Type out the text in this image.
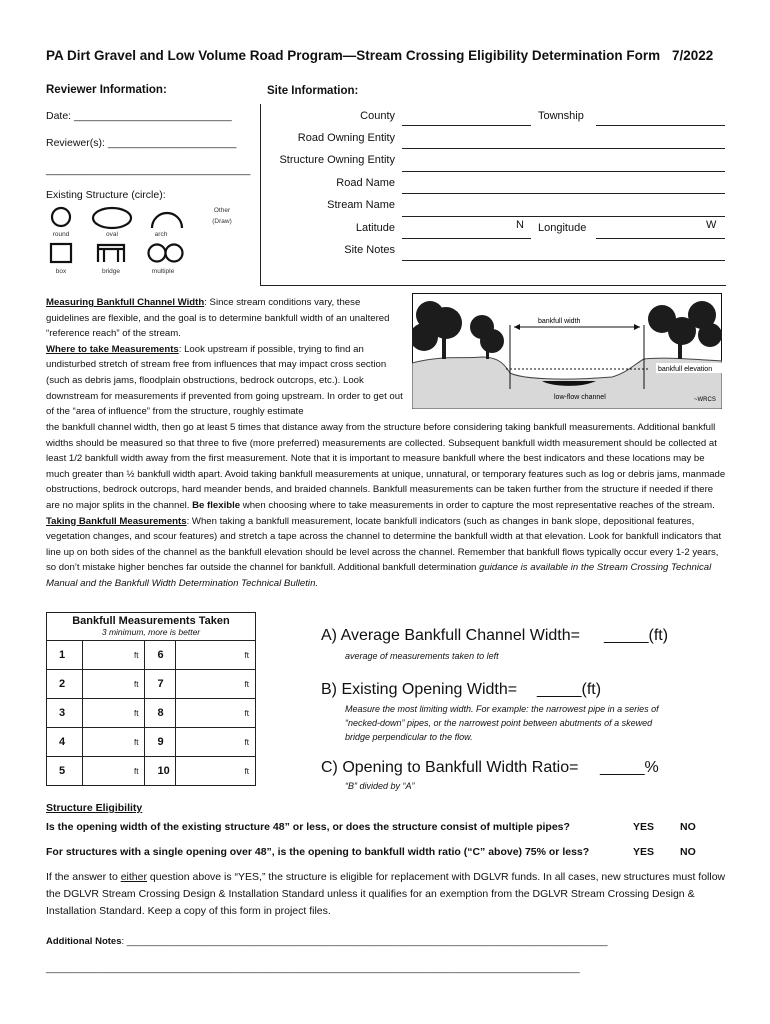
PA Dirt Gravel and Low Volume Road Program—Stream Crossing Eligibility Determination Form 7/2022
Reviewer Information:
Date: ___________________________
Reviewer(s): ______________________
___________________________________
Existing Structure (circle):
round	oval	arch
box	bridge	multiple
Other
(Draw)
Site Information:
County	Township
Road Owning Entity
Structure Owning Entity
Road Name
Stream Name
Latitude	N Longitude	W
Site Notes
bankfull width
bankfull elevation
low-flow channel	~WRCS
Measuring Bankfull Channel Width: Since stream conditions vary, these guidelines are flexible, and the goal is to determine bankfull width of an unaltered “reference reach” of the stream.
Where to take Measurements: Look upstream if possible, trying to find an undisturbed stretch of stream free from influences that may impact cross section (such as debris jams, floodplain obstructions, bedrock outcrops, etc.). Look downstream for measurements if prevented from going upstream. In order to get out of the “area of influence” from the structure, roughly estimate
the bankfull channel width, then go at least 5 times that distance away from the structure before considering taking bankfull measurements. Additional bankfull widths should be measured so that three to five (more preferred) measurements are collected. Subsequent bankfull width measurement should be collected at least 1/2 bankfull width away from the first measurement. Note that it is important to measure bankfull where the best indicators and these locations may be much greater than ½ bankfull width apart. Avoid taking bankfull measurements at unique, unnatural, or temporary features such as log or debris jams, manmade obstructions, bedrock outcrops, hard meander bends, and braided channels. Bankfull measurements can be taken further from the structure if needed if there are no major splits in the channel. Be flexible when choosing where to take measurements in order to capture the most representative reaches of the stream.
Taking Bankfull Measurements: When taking a bankfull measurement, locate bankfull indicators (such as changes in bank slope, depositional features, vegetation changes, and scour features) and stretch a tape across the channel to determine the bankfull width at that elevation. Look for bankfull indicators that line up on both sides of the channel as the bankfull elevation should be level across the channel. Remember that bankfull flows typically occur every 1-2 years, so don’t mistake higher benches far outside the channel for bankfull. Additional bankfull determination guidance is available in the Stream Crossing Technical Manual and the Bankfull Width Determination Technical Bulletin.
Bankfull Measurements Taken
3 minimum, more is better
1	ft	6	ft
2	ft	7	ft
3	ft	8	ft
4	ft	9	ft
5	ft	10	ft
A) Average Bankfull Channel Width= _____(ft)
average of measurements taken to left
B) Existing Opening Width= _____(ft)
Measure the most limiting width. For example: the narrowest pipe in a series of “necked-down” pipes, or the narrowest point between abutments of a skewed bridge perpendicular to the flow.
C) Opening to Bankfull Width Ratio= _____%
“B” divided by “A”
Structure Eligibility
Is the opening width of the existing structure 48” or less, or does the structure consist of multiple pipes?	YES NO
For structures with a single opening over 48”, is the opening to bankfull width ratio (“C” above) 75% or less?	YES NO
If the answer to either question above is “YES,” the structure is eligible for replacement with DGLVR funds. In all cases, new structures must follow the DGLVR Stream Crossing Design & Installation Standard unless it qualifies for an exemption from the DGLVR Stream Crossing Design & Installation Standard. Keep a copy of this form in project files.
Additional Notes: ___________________________________________________________________________________________
_____________________________________________________________________________________________________
